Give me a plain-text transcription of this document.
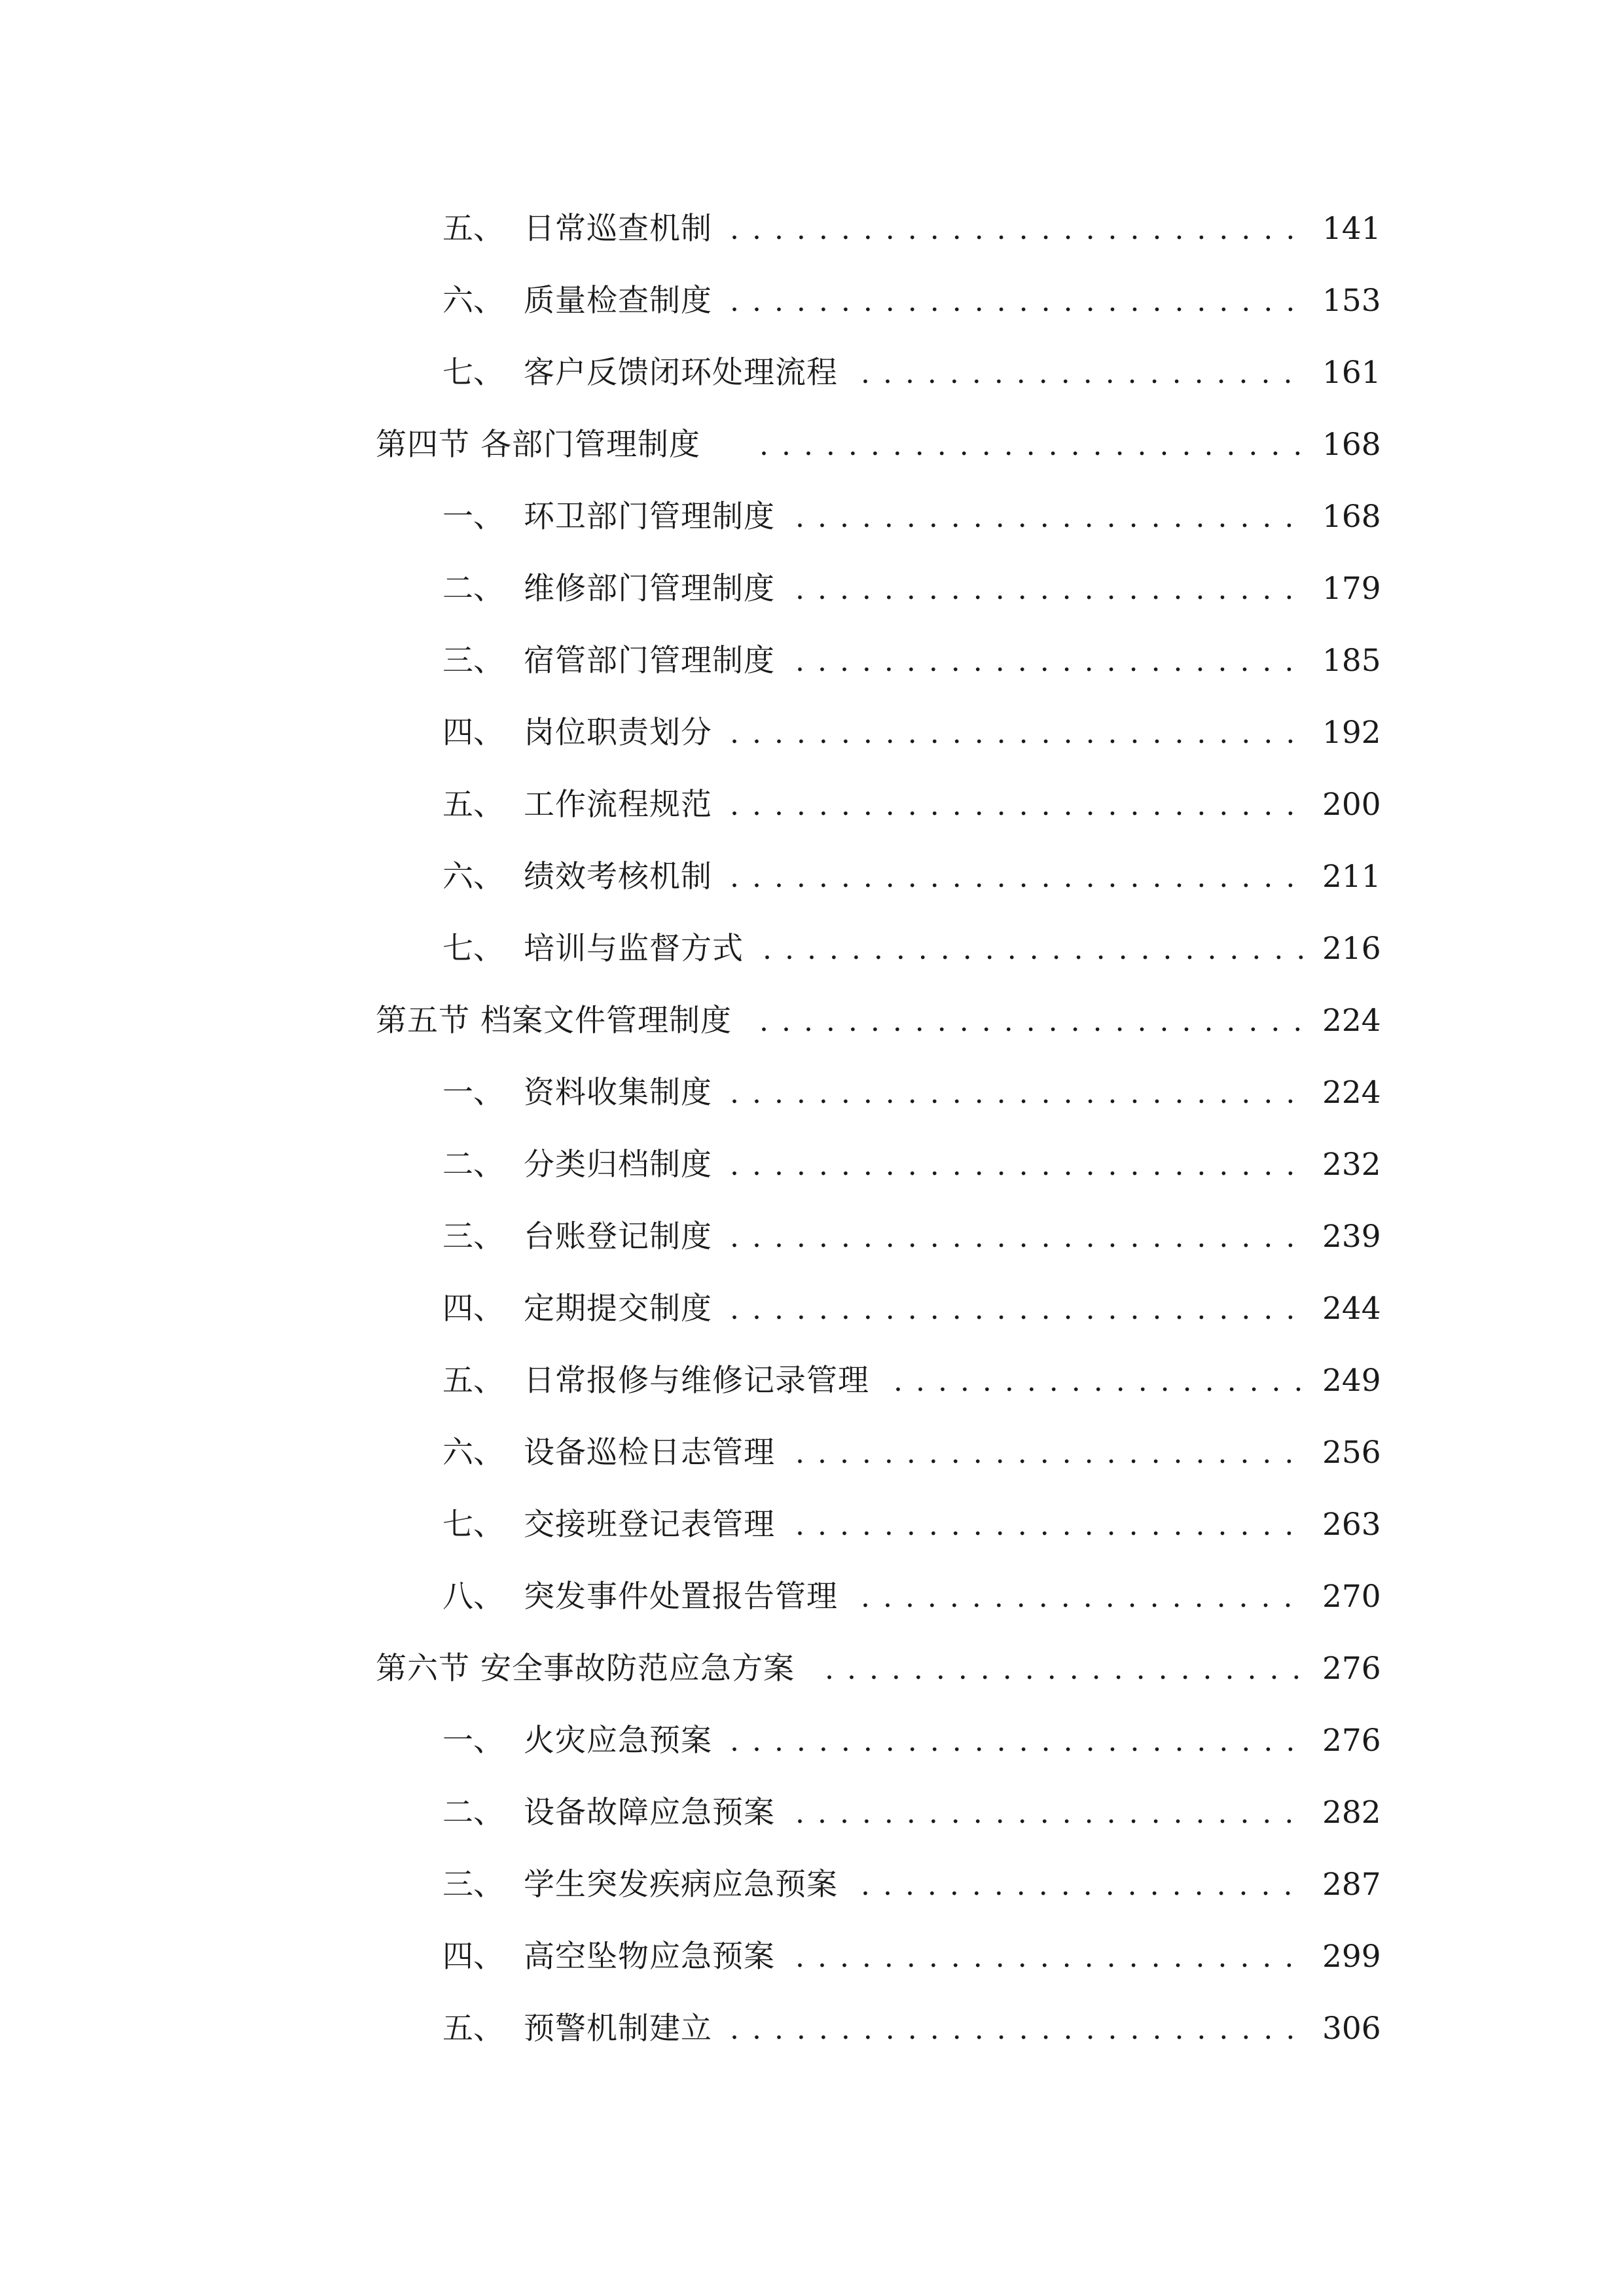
五、 日常巡查机制 . . .	141
六、 质量检查制度 . . .	153
七、 客户反馈闭环处理流程 . . .	161
第四节 各部门管理制度 . . .	168
一、 环卫部门管理制度 . . .	168
二、 维修部门管理制度 . . .	179
三、 宿管部门管理制度 . . .	185
四、 岗位职责划分 . . .	192
五、 工作流程规范 . . .	200
六、 绩效考核机制 . . .	211
七、 培训与监督方式 . . .	216
第五节 档案文件管理制度 . . .	224
一、 资料收集制度 . . .	224
二、 分类归档制度 . . .	232
三、 台账登记制度 . . .	239
四、 定期提交制度 . . .	244
五、 日常报修与维修记录管理 . . .	249
六、 设备巡检日志管理 . . .	256
七、 交接班登记表管理 . . .	263
八、 突发事件处置报告管理 . . .	270
第六节 安全事故防范应急方案 . . .	276
一、 火灾应急预案 . . .	276
二、 设备故障应急预案 . . .	282
三、 学生突发疾病应急预案 . . .	287
四、 高空坠物应急预案 . . .	299
五、 预警机制建立 . . .	306
